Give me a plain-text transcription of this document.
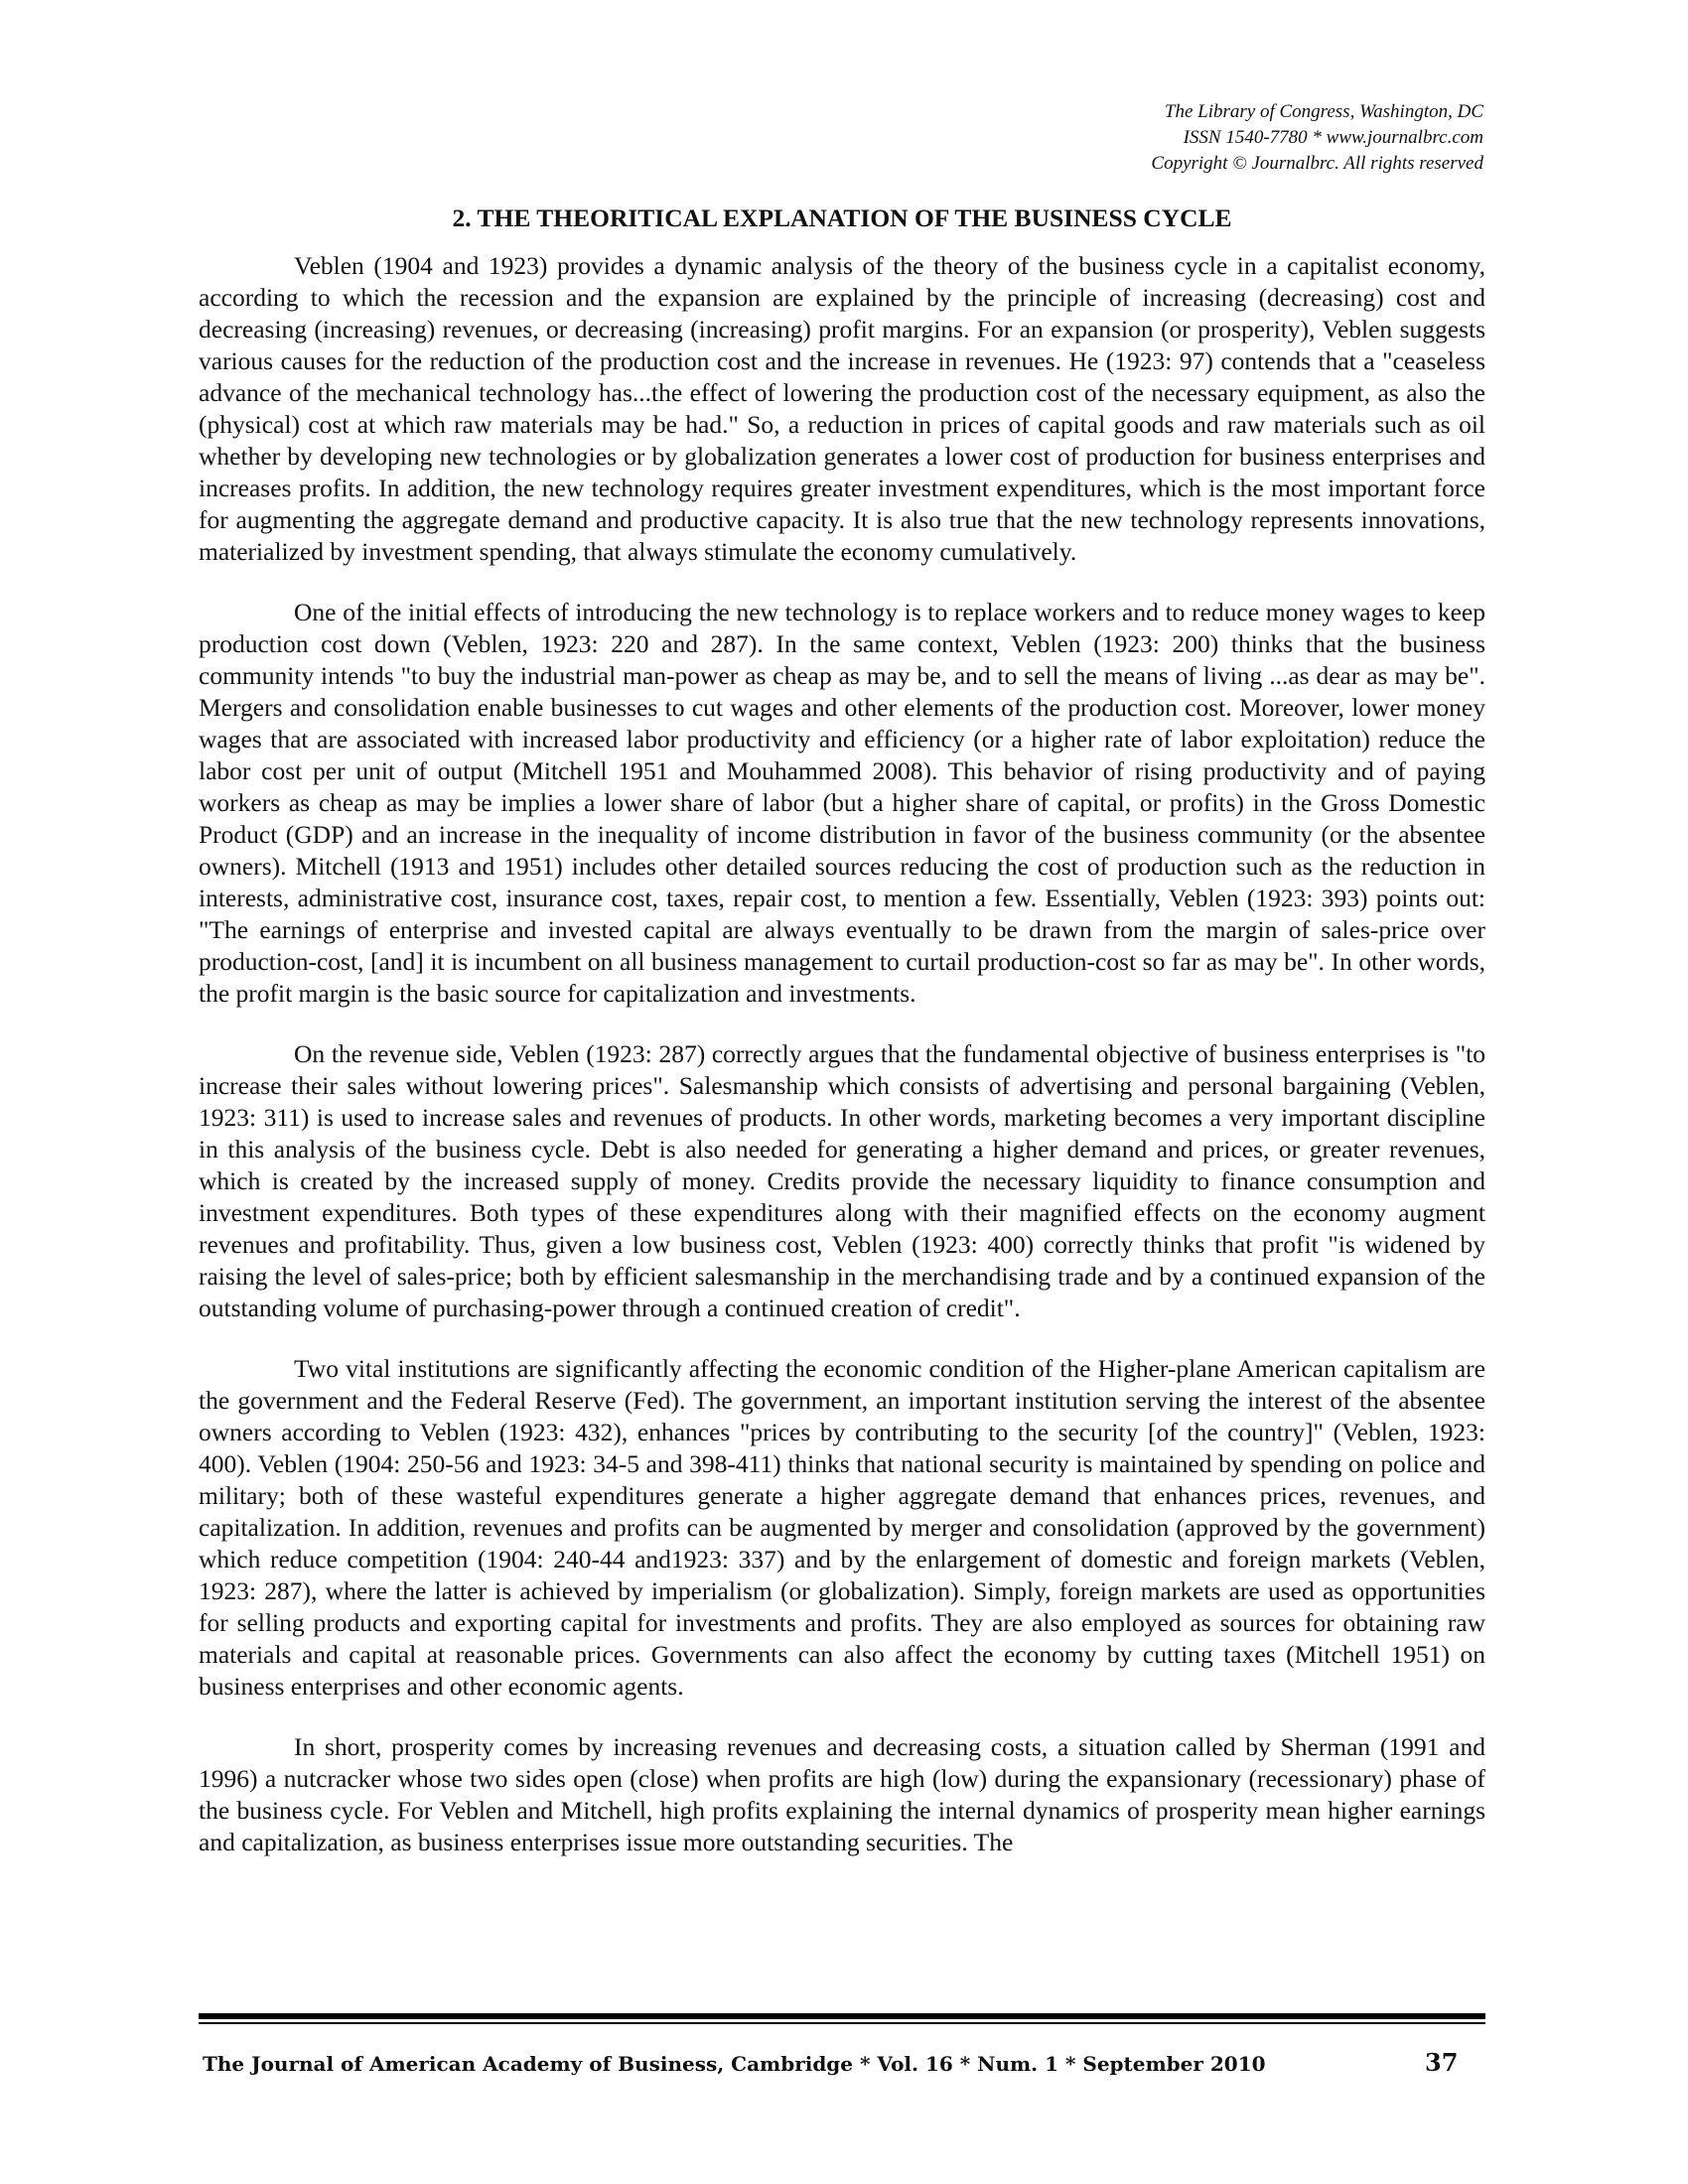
The Library of Congress, Washington, DC
ISSN 1540-7780 * www.journalbrc.com
Copyright © Journalbrc. All rights reserved
2. THE THEORITICAL EXPLANATION OF THE BUSINESS CYCLE

Veblen (1904 and 1923) provides a dynamic analysis of the theory of the business cycle in a capitalist economy, according to which the recession and the expansion are explained by the principle of increasing (decreasing) cost and decreasing (increasing) revenues, or decreasing (increasing) profit margins. For an expansion (or prosperity), Veblen suggests various causes for the reduction of the production cost and the increase in revenues. He (1923: 97) contends that a "ceaseless advance of the mechanical technology has...the effect of lowering the production cost of the necessary equipment, as also the (physical) cost at which raw materials may be had." So, a reduction in prices of capital goods and raw materials such as oil whether by developing new technologies or by globalization generates a lower cost of production for business enterprises and increases profits. In addition, the new technology requires greater investment expenditures, which is the most important force for augmenting the aggregate demand and productive capacity. It is also true that the new technology represents innovations, materialized by investment spending, that always stimulate the economy cumulatively.

One of the initial effects of introducing the new technology is to replace workers and to reduce money wages to keep production cost down (Veblen, 1923: 220 and 287). In the same context, Veblen (1923: 200) thinks that the business community intends "to buy the industrial man-power as cheap as may be, and to sell the means of living ...as dear as may be". Mergers and consolidation enable businesses to cut wages and other elements of the production cost. Moreover, lower money wages that are associated with increased labor productivity and efficiency (or a higher rate of labor exploitation) reduce the labor cost per unit of output (Mitchell 1951 and Mouhammed 2008). This behavior of rising productivity and of paying workers as cheap as may be implies a lower share of labor (but a higher share of capital, or profits) in the Gross Domestic Product (GDP) and an increase in the inequality of income distribution in favor of the business community (or the absentee owners). Mitchell (1913 and 1951) includes other detailed sources reducing the cost of production such as the reduction in interests, administrative cost, insurance cost, taxes, repair cost, to mention a few. Essentially, Veblen (1923: 393) points out: "The earnings of enterprise and invested capital are always eventually to be drawn from the margin of sales-price over production-cost, [and] it is incumbent on all business management to curtail production-cost so far as may be". In other words, the profit margin is the basic source for capitalization and investments.

On the revenue side, Veblen (1923: 287) correctly argues that the fundamental objective of business enterprises is "to increase their sales without lowering prices". Salesmanship which consists of advertising and personal bargaining (Veblen, 1923: 311) is used to increase sales and revenues of products. In other words, marketing becomes a very important discipline in this analysis of the business cycle. Debt is also needed for generating a higher demand and prices, or greater revenues, which is created by the increased supply of money. Credits provide the necessary liquidity to finance consumption and investment expenditures. Both types of these expenditures along with their magnified effects on the economy augment revenues and profitability. Thus, given a low business cost, Veblen (1923: 400) correctly thinks that profit "is widened by raising the level of sales-price; both by efficient salesmanship in the merchandising trade and by a continued expansion of the outstanding volume of purchasing-power through a continued creation of credit".

Two vital institutions are significantly affecting the economic condition of the Higher-plane American capitalism are the government and the Federal Reserve (Fed). The government, an important institution serving the interest of the absentee owners according to Veblen (1923: 432), enhances "prices by contributing to the security [of the country]" (Veblen, 1923: 400). Veblen (1904: 250-56 and 1923: 34-5 and 398-411) thinks that national security is maintained by spending on police and military; both of these wasteful expenditures generate a higher aggregate demand that enhances prices, revenues, and capitalization. In addition, revenues and profits can be augmented by merger and consolidation (approved by the government) which reduce competition (1904: 240-44 and1923: 337) and by the enlargement of domestic and foreign markets (Veblen, 1923: 287), where the latter is achieved by imperialism (or globalization). Simply, foreign markets are used as opportunities for selling products and exporting capital for investments and profits. They are also employed as sources for obtaining raw materials and capital at reasonable prices. Governments can also affect the economy by cutting taxes (Mitchell 1951) on business enterprises and other economic agents.

In short, prosperity comes by increasing revenues and decreasing costs, a situation called by Sherman (1991 and 1996) a nutcracker whose two sides open (close) when profits are high (low) during the expansionary (recessionary) phase of the business cycle. For Veblen and Mitchell, high profits explaining the internal dynamics of prosperity mean higher earnings and capitalization, as business enterprises issue more outstanding securities. The

The Journal of American Academy of Business, Cambridge * Vol. 16 * Num. 1 * September 2010	37
